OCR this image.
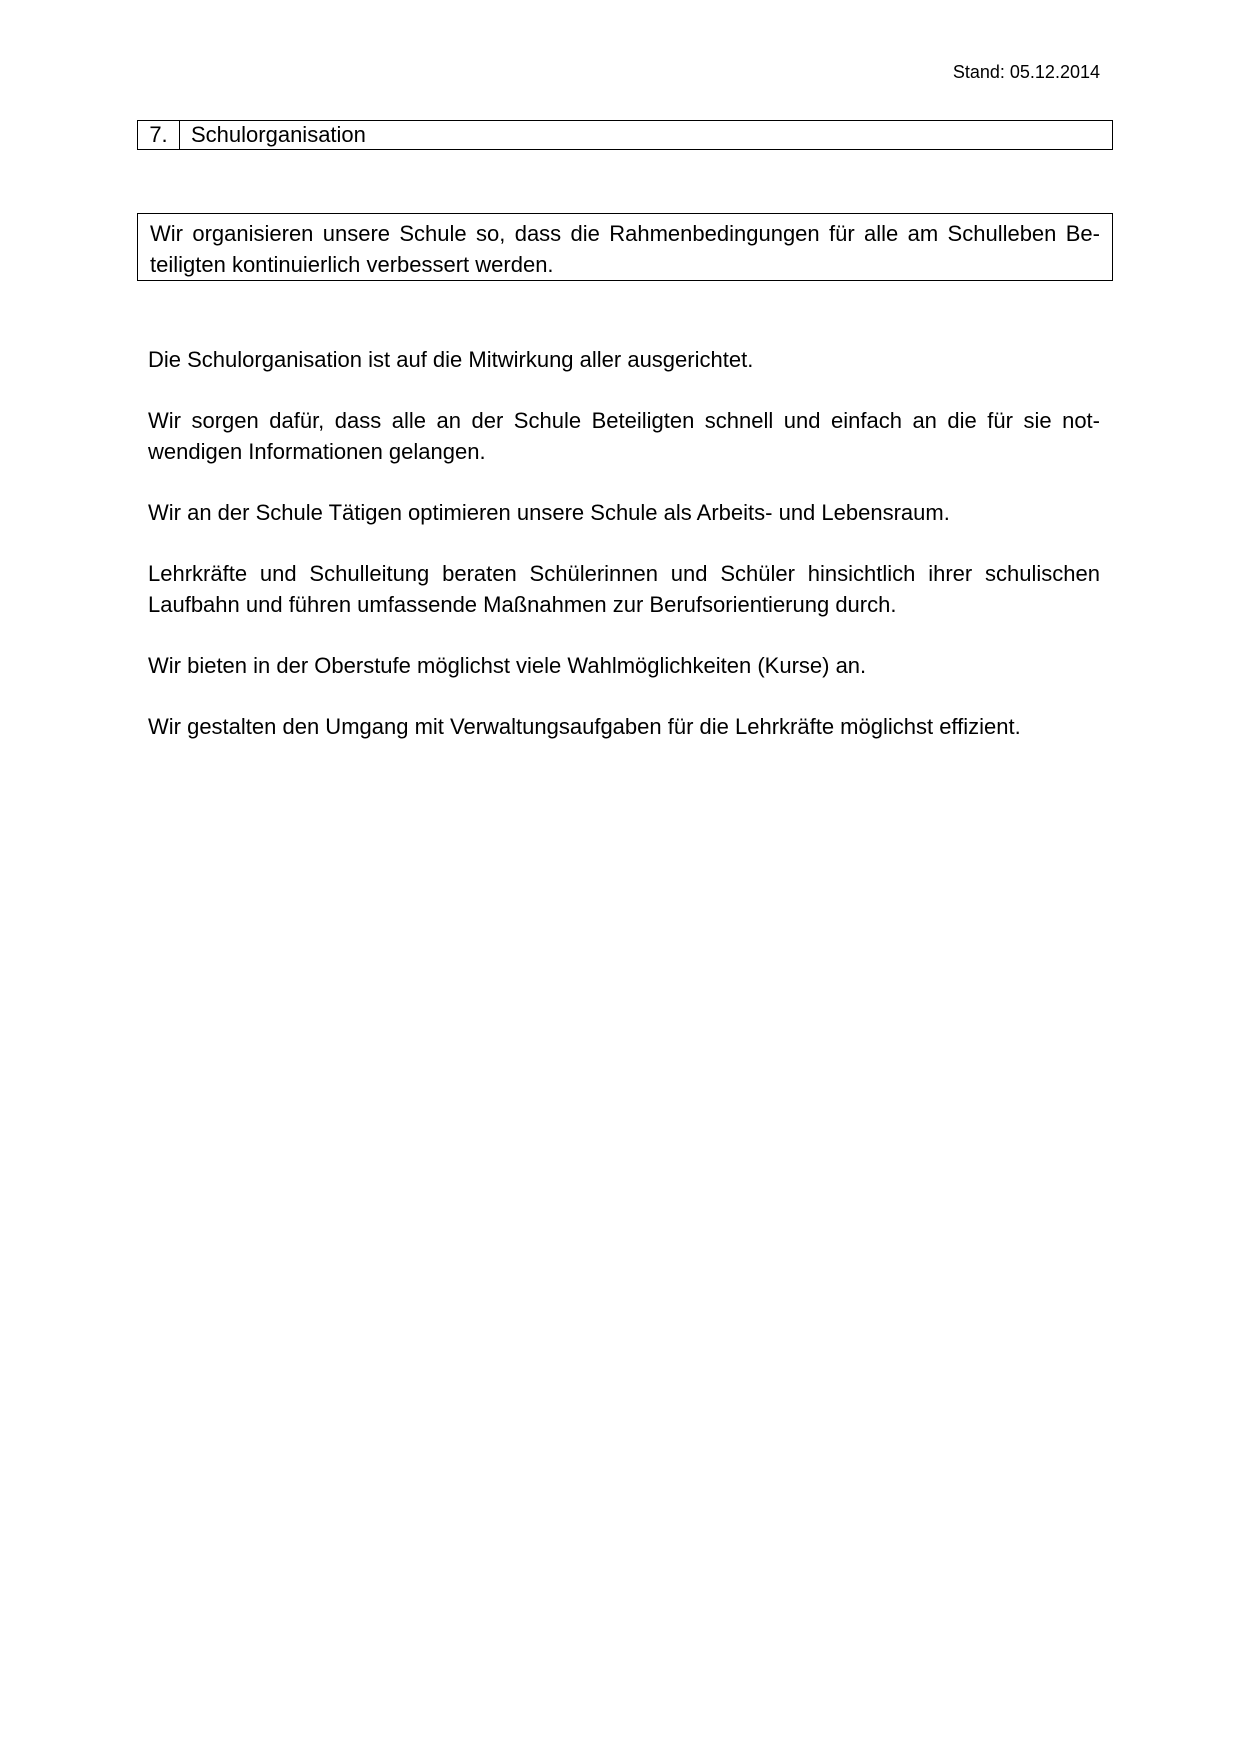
Stand: 05.12.2014
7.	Schulorganisation
Wir organisieren unsere Schule so, dass die Rahmenbedingungen für alle am Schulleben Beteiligten kontinuierlich verbessert werden.

Die Schulorganisation ist auf die Mitwirkung aller ausgerichtet.

Wir sorgen dafür, dass alle an der Schule Beteiligten schnell und einfach an die für sie notwendigen Informationen gelangen.

Wir an der Schule Tätigen optimieren unsere Schule als Arbeits- und Lebensraum.

Lehrkräfte und Schulleitung beraten Schülerinnen und Schüler hinsichtlich ihrer schulischen Laufbahn und führen umfassende Maßnahmen zur Berufsorientierung durch.

Wir bieten in der Oberstufe möglichst viele Wahlmöglichkeiten (Kurse) an.

Wir gestalten den Umgang mit Verwaltungsaufgaben für die Lehrkräfte möglichst effizient.
